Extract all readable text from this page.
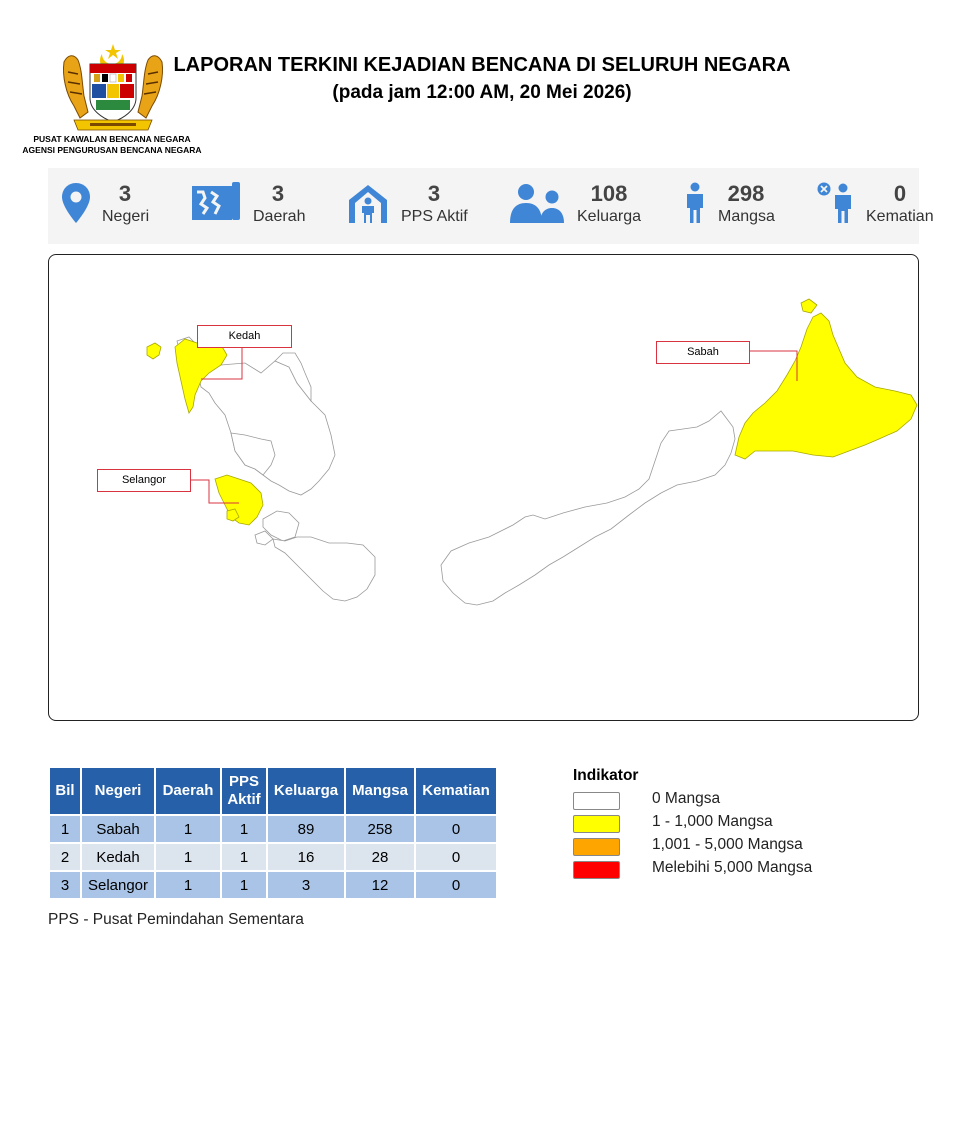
PUSAT KAWALAN BENCANA NEGARA
AGENSI PENGURUSAN BENCANA NEGARA
LAPORAN TERKINI KEJADIAN BENCANA DI SELURUH NEGARA
(pada jam 12:00 AM, 20 Mei 2026)
3
Negeri
3
Daerah
3
PPS Aktif
108
Keluarga
298
Mangsa
0
Kematian
Kedah
Selangor
Sabah
Bil	Negeri	Daerah	PPS Aktif	Keluarga	Mangsa	Kematian
1	Sabah	1	1	89	258	0
2	Kedah	1	1	16	28	0
3	Selangor	1	1	3	12	0
PPS - Pusat Pemindahan Sementara
Indikator
0 Mangsa
1 - 1,000 Mangsa
1,001 - 5,000 Mangsa
Melebihi 5,000 Mangsa
